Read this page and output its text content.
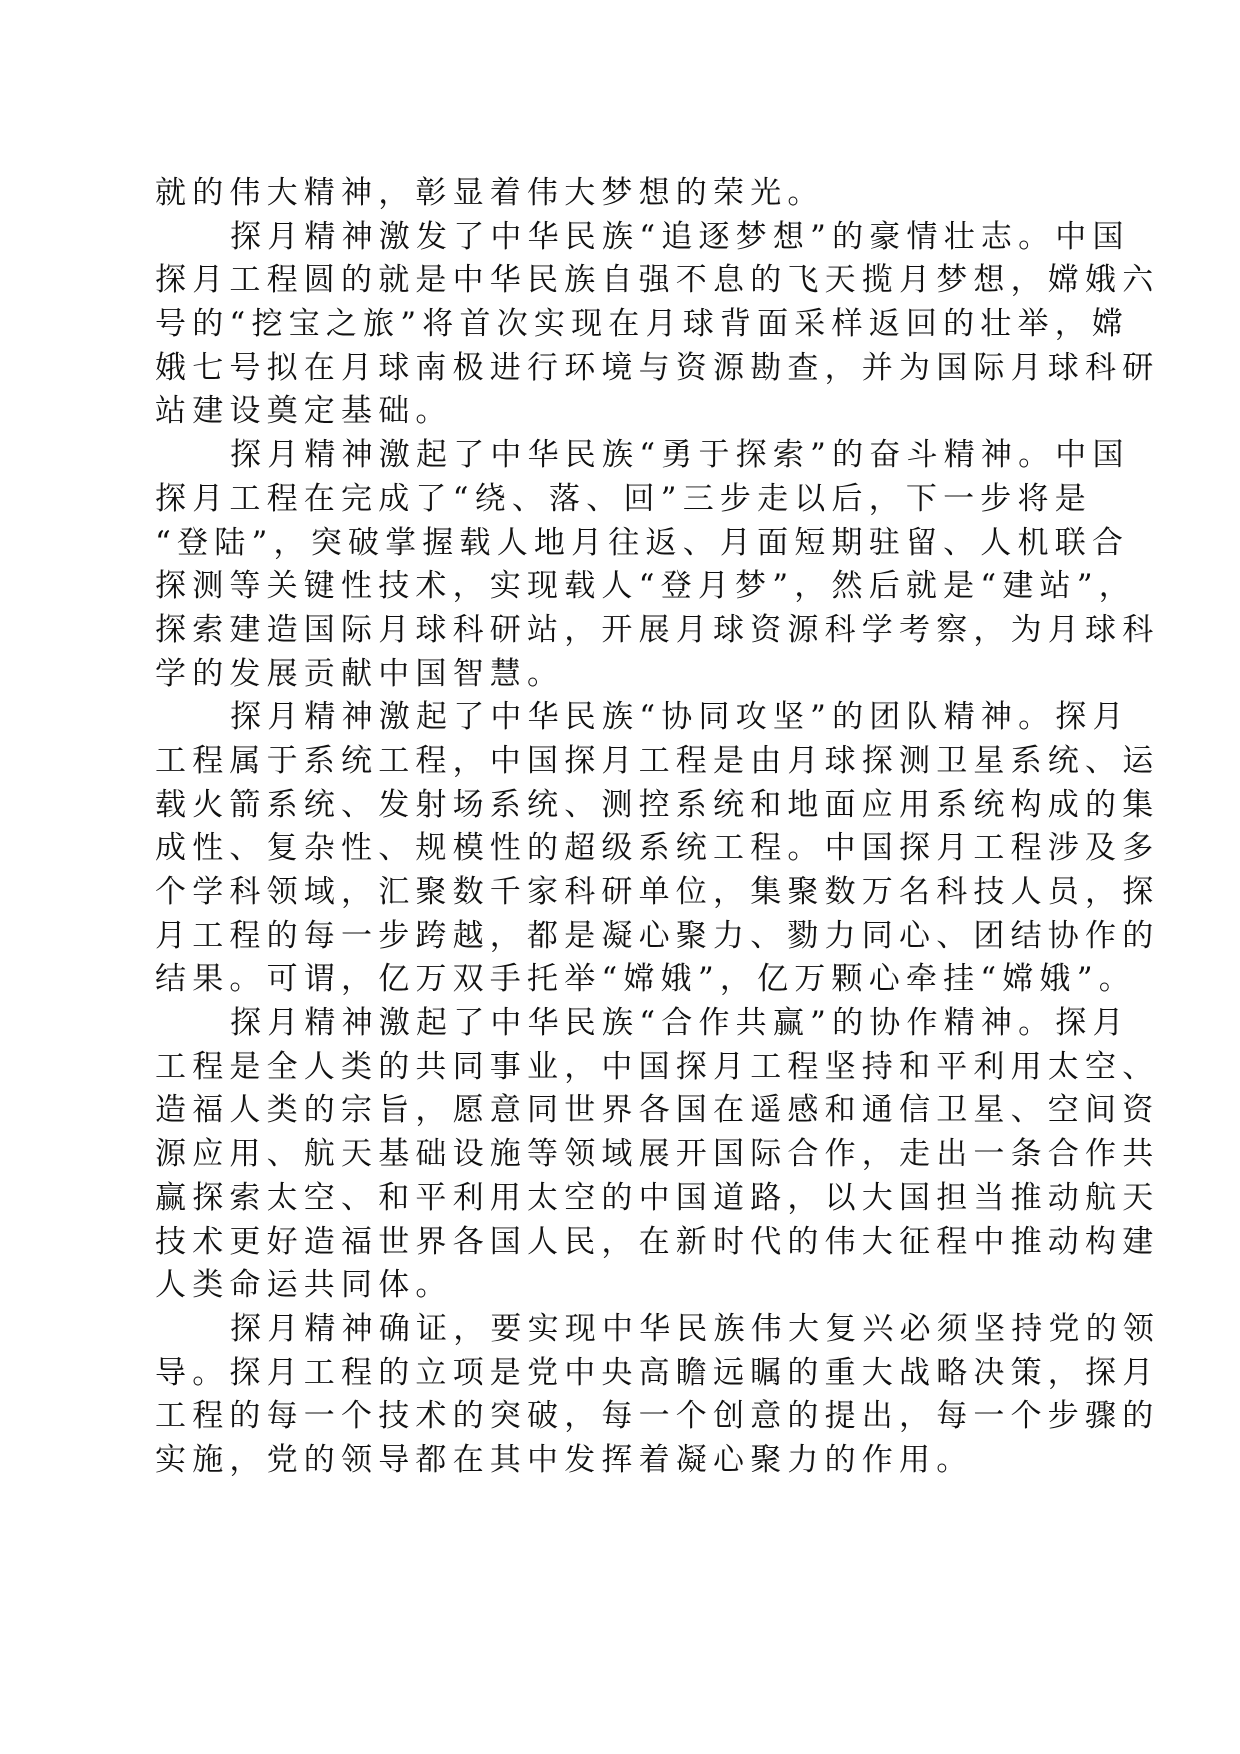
就的伟大精神，彰显着伟大梦想的荣光。
探月精神激发了中华民族“追逐梦想”的豪情壮志。中国
探月工程圆的就是中华民族自强不息的飞天揽月梦想，嫦娥六
号的“挖宝之旅”将首次实现在月球背面采样返回的壮举，嫦
娥七号拟在月球南极进行环境与资源勘查，并为国际月球科研
站建设奠定基础。
探月精神激起了中华民族“勇于探索”的奋斗精神。中国
探月工程在完成了“绕、落、回”三步走以后，下一步将是
“登陆”，突破掌握载人地月往返、月面短期驻留、人机联合
探测等关键性技术，实现载人“登月梦”，然后就是“建站”，
探索建造国际月球科研站，开展月球资源科学考察，为月球科
学的发展贡献中国智慧。
探月精神激起了中华民族“协同攻坚”的团队精神。探月
工程属于系统工程，中国探月工程是由月球探测卫星系统、运
载火箭系统、发射场系统、测控系统和地面应用系统构成的集
成性、复杂性、规模性的超级系统工程。中国探月工程涉及多
个学科领域，汇聚数千家科研单位，集聚数万名科技人员，探
月工程的每一步跨越，都是凝心聚力、勠力同心、团结协作的
结果。可谓，亿万双手托举“嫦娥”，亿万颗心牵挂“嫦娥”。
探月精神激起了中华民族“合作共赢”的协作精神。探月
工程是全人类的共同事业，中国探月工程坚持和平利用太空、
造福人类的宗旨，愿意同世界各国在遥感和通信卫星、空间资
源应用、航天基础设施等领域展开国际合作，走出一条合作共
赢探索太空、和平利用太空的中国道路，以大国担当推动航天
技术更好造福世界各国人民，在新时代的伟大征程中推动构建
人类命运共同体。
探月精神确证，要实现中华民族伟大复兴必须坚持党的领
导。探月工程的立项是党中央高瞻远瞩的重大战略决策，探月
工程的每一个技术的突破，每一个创意的提出，每一个步骤的
实施，党的领导都在其中发挥着凝心聚力的作用。
